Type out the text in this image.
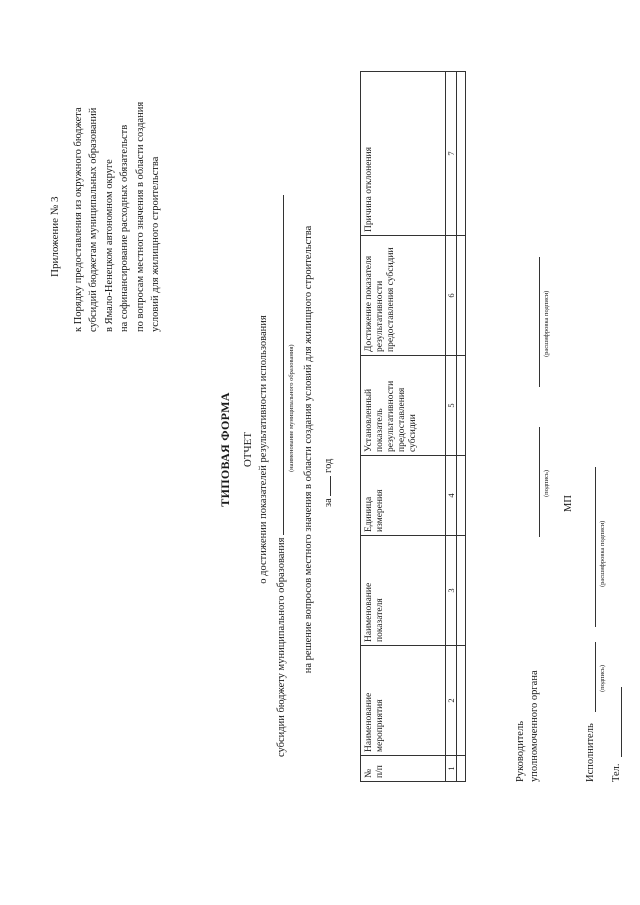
Приложение № 3 к Порядку предоставления из окружного бюджета субсидий бюджетам муниципальных образований в Ямало-Ненецком автономном округе на софинансирование расходных обязательств по вопросам местного значения в области создания условий для жилищного строительства
ТИПОВАЯ ФОРМА ОТЧЕТ о достижении показателей результативности использования
субсидии бюджету муниципального образования
(наименование муниципального образования) на решение вопросов местного значения в области создания условий для жилищного строительства за  год
№ п/п	Наименование мероприятия	Наименование показателя	Единица измерения	Установленный показатель результативности предоставления субсидии	Достижение показателя результативности предоставления субсидии	Причина отклонения
1	2	3	4	5	6	7

Руководитель уполномоченного органа
(подпись)
(расшифровка подписи)
МП
Исполнитель
(подпись)
(расшифровка подписи)
Тел.
